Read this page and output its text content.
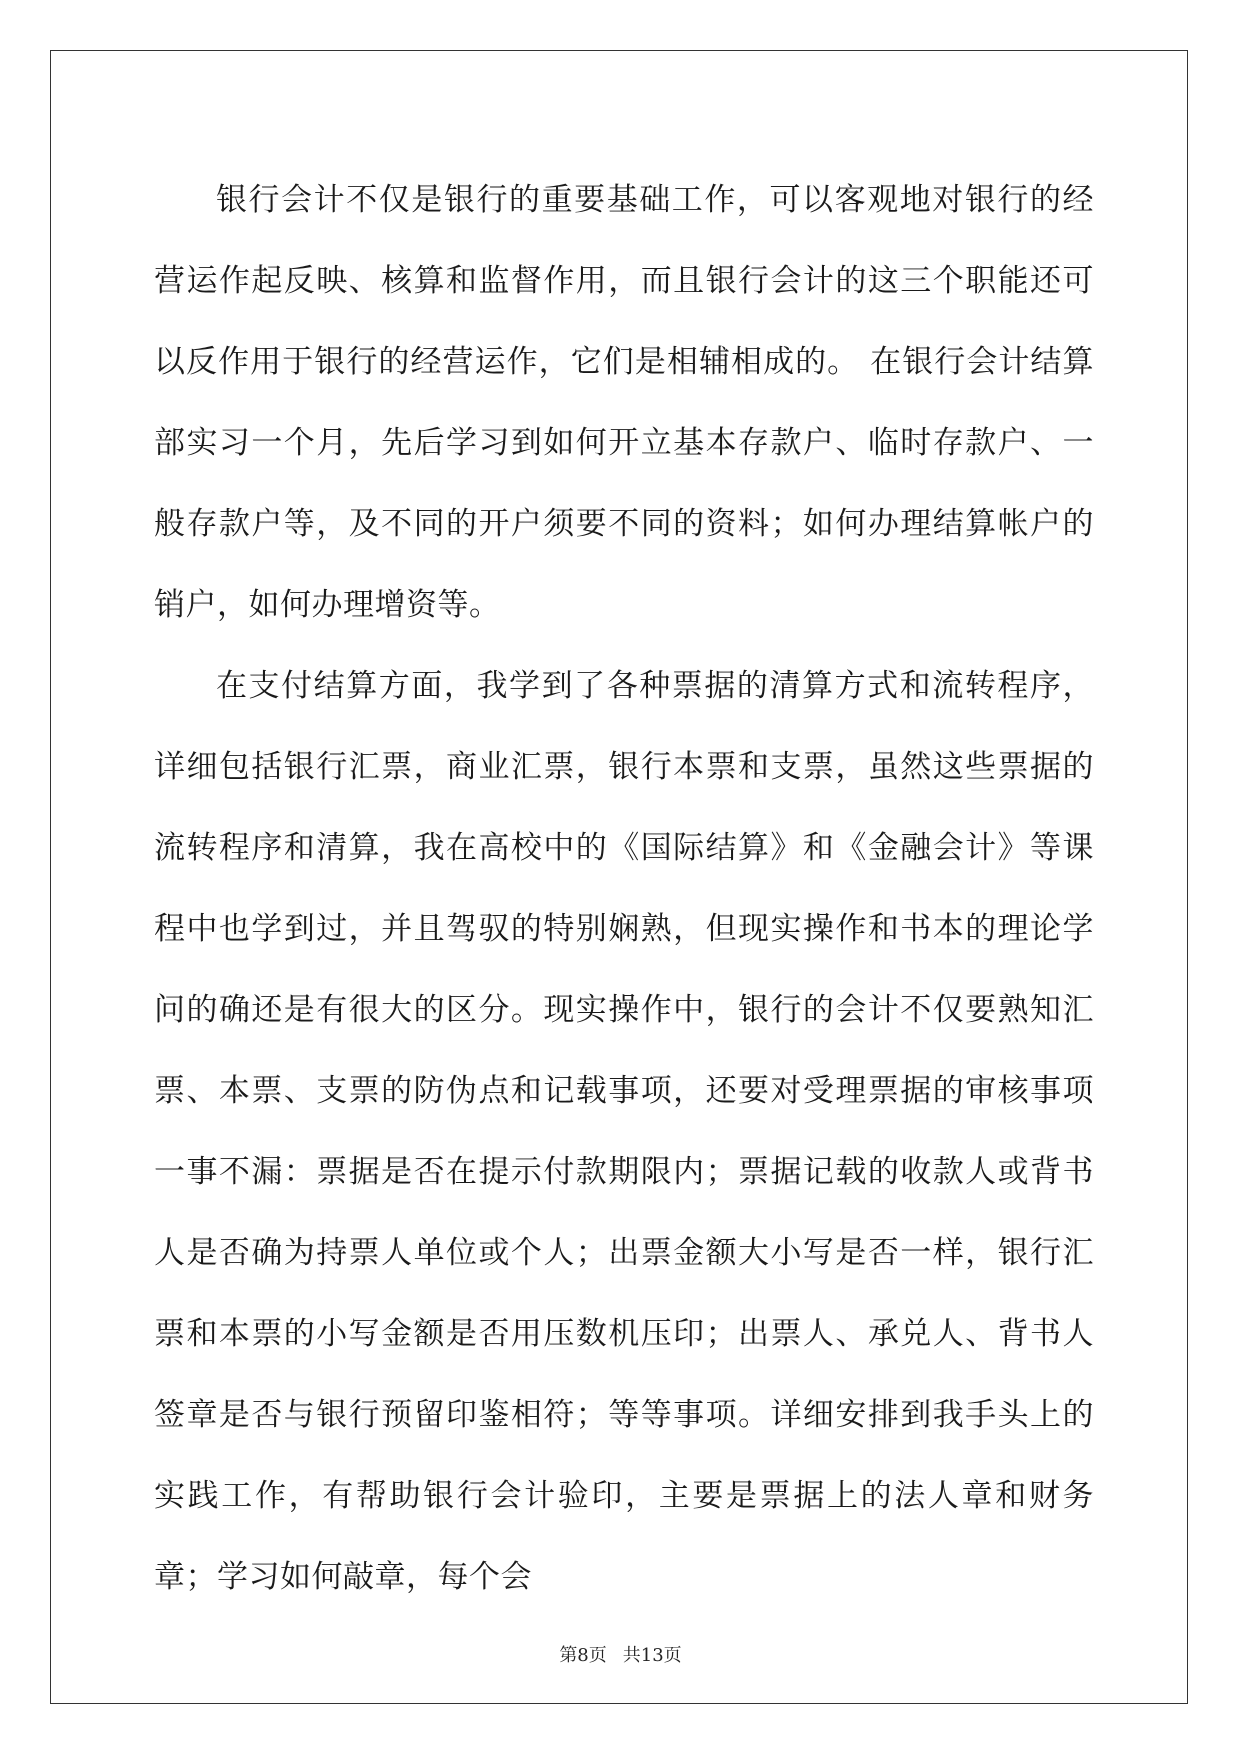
银行会计不仅是银行的重要基础工作，可以客观地对银行的经营运作起反映、核算和监督作用，而且银行会计的这三个职能还可以反作用于银行的经营运作，它们是相辅相成的。 在银行会计结算部实习一个月，先后学习到如何开立基本存款户、临时存款户、一般存款户等，及不同的开户须要不同的资料；如何办理结算帐户的销户，如何办理增资等。

在支付结算方面，我学到了各种票据的清算方式和流转程序，详细包括银行汇票，商业汇票，银行本票和支票，虽然这些票据的流转程序和清算，我在高校中的《国际结算》和《金融会计》等课程中也学到过，并且驾驭的特别娴熟，但现实操作和书本的理论学问的确还是有很大的区分。现实操作中，银行的会计不仅要熟知汇票、本票、支票的防伪点和记载事项，还要对受理票据的审核事项一事不漏：票据是否在提示付款期限内；票据记载的收款人或背书人是否确为持票人单位或个人；出票金额大小写是否一样，银行汇票和本票的小写金额是否用压数机压印；出票人、承兑人、背书人签章是否与银行预留印鉴相符；等等事项。详细安排到我手头上的实践工作，有帮助银行会计验印，主要是票据上的法人章和财务章；学习如何敲章，每个会

第8页 共13页
